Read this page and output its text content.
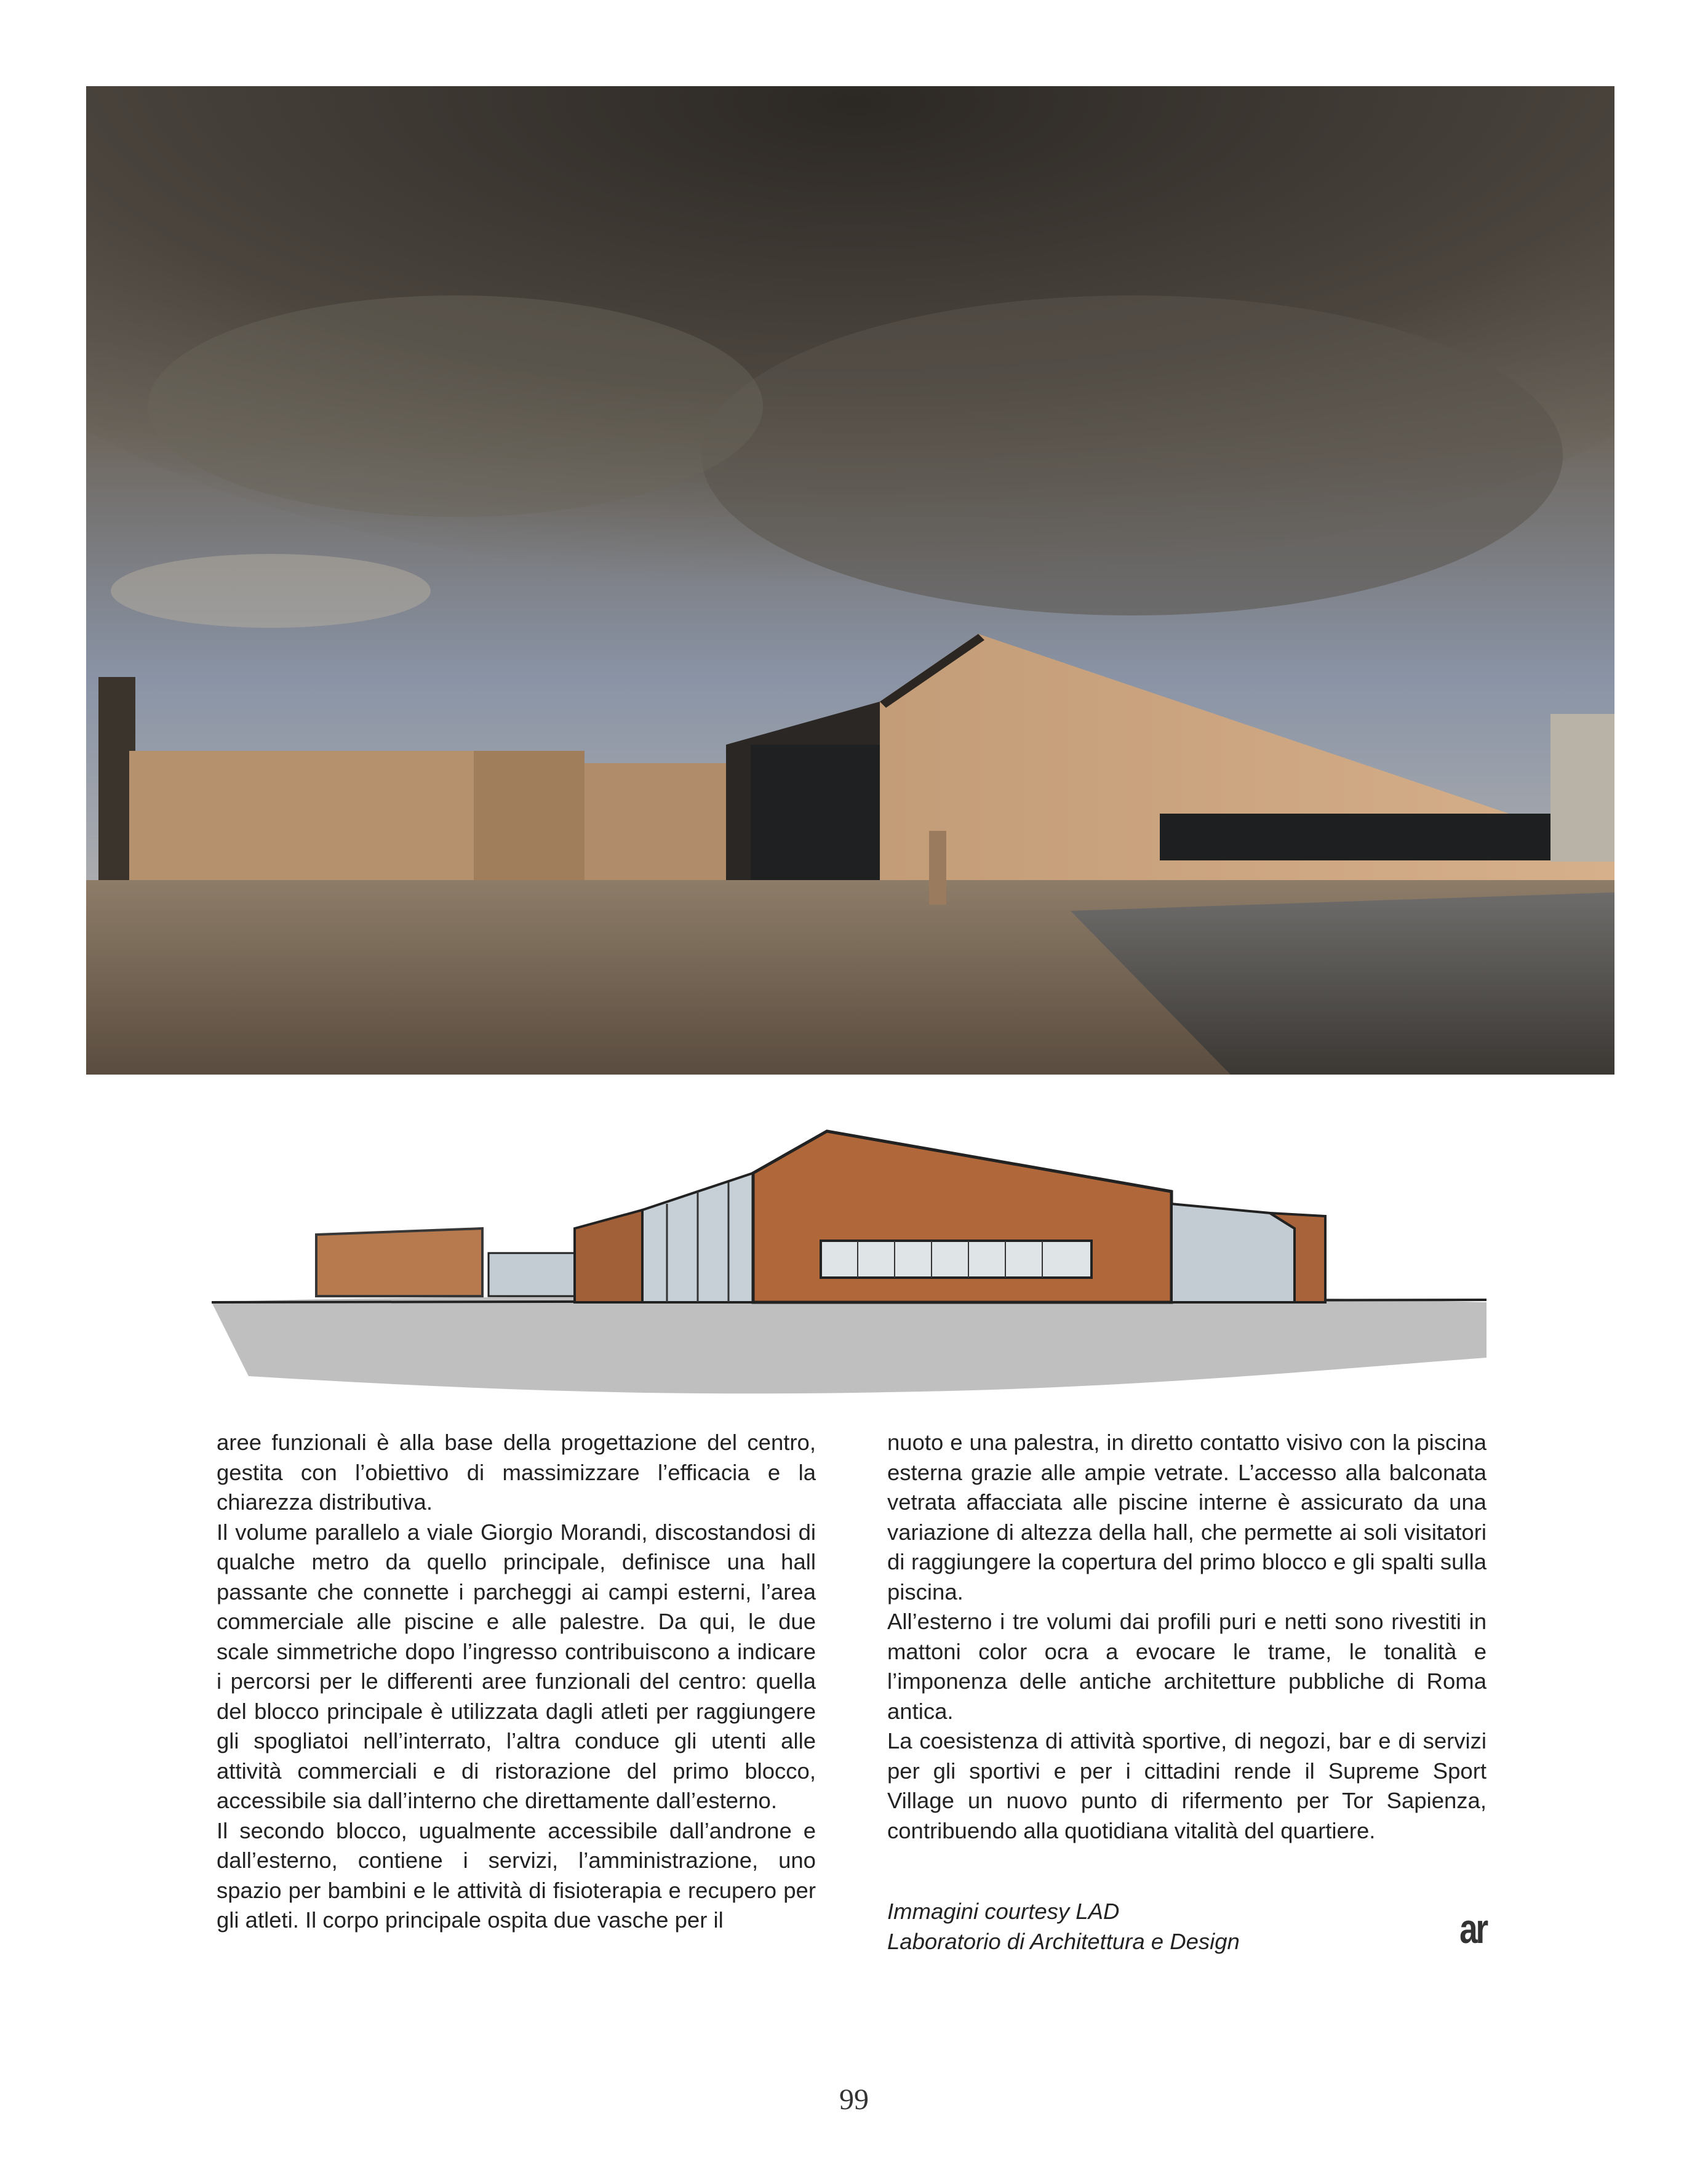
aree funzionali è alla base della progettazione del centro, gestita con l’obiettivo di massimizzare l’efficacia e la chiarezza distributiva.

Il volume parallelo a viale Giorgio Morandi, discostandosi di qualche metro da quello principale, definisce una hall passante che connette i parcheggi ai campi esterni, l’area commerciale alle piscine e alle palestre. Da qui, le due scale simmetriche dopo l’ingresso contribuiscono a indicare i percorsi per le differenti aree funzionali del centro: quella del blocco principale è utilizzata dagli atleti per raggiungere gli spogliatoi nell’interrato, l’altra conduce gli utenti alle attività commerciali e di ristorazione del primo blocco, accessibile sia dall’interno che direttamente dall’esterno.

Il secondo blocco, ugualmente accessibile dall’androne e dall’esterno, contiene i servizi, l’amministrazione, uno spazio per bambini e le attività di fisioterapia e recupero per gli atleti. Il corpo principale ospita due vasche per il

nuoto e una palestra, in diretto contatto visivo con la piscina esterna grazie alle ampie vetrate. L’accesso alla balconata vetrata affacciata alle piscine interne è assicurato da una variazione di altezza della hall, che permette ai soli visitatori di raggiungere la copertura del primo blocco e gli spalti sulla piscina.

All’esterno i tre volumi dai profili puri e netti sono rivestiti in mattoni color ocra a evocare le trame, le tonalità e l’imponenza delle antiche architetture pubbliche di Roma antica.

La coesistenza di attività sportive, di negozi, bar e di servizi per gli sportivi e per i cittadini rende il Supreme Sport Village un nuovo punto di rifermento per Tor Sapienza, contribuendo alla quotidiana vitalità del quartiere.

Immagini courtesy LAD
Laboratorio di Architettura e Design	ar
99
